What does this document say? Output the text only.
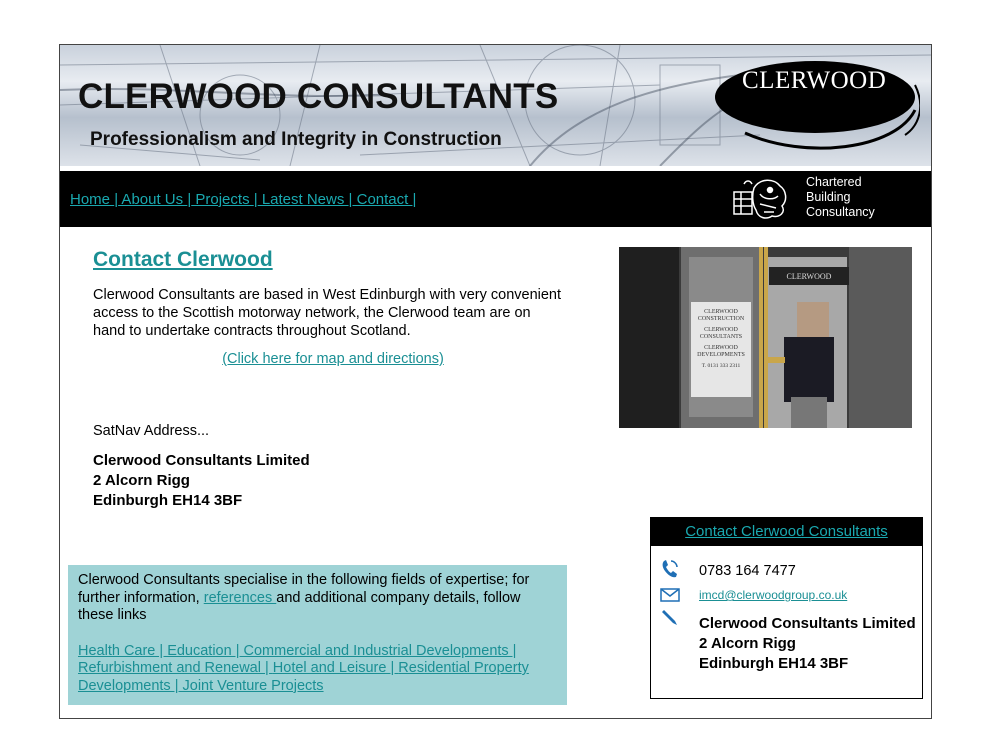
CLERWOOD CONSULTANTS
Professionalism and Integrity in Construction
CLERWOOD
Home | About Us | Projects | Latest News | Contact |
Chartered
Building
Consultancy
Contact Clerwood
Clerwood Consultants are based in West Edinburgh with very convenient access to the Scottish motorway network, the Clerwood team are on hand to undertake contracts throughout Scotland.
(Click here for map and directions)
SatNav Address...
Clerwood Consultants Limited
2 Alcorn Rigg
Edinburgh EH14 3BF
CLERWOOD
CONSTRUCTION
CLERWOOD
CONSULTANTS
CLERWOOD
DEVELOPMENTS
T. 0131 333 2311
CLERWOOD
Clerwood Consultants specialise in the following fields of expertise; for further information, references and additional company details, follow these links
Health Care | Education | Commercial and Industrial Developments | Refurbishment and Renewal | Hotel and Leisure | Residential Property Developments | Joint Venture Projects
Contact Clerwood Consultants
0783 164 7477
imcd@clerwoodgroup.co.uk
Clerwood Consultants Limited
2 Alcorn Rigg
Edinburgh EH14 3BF
